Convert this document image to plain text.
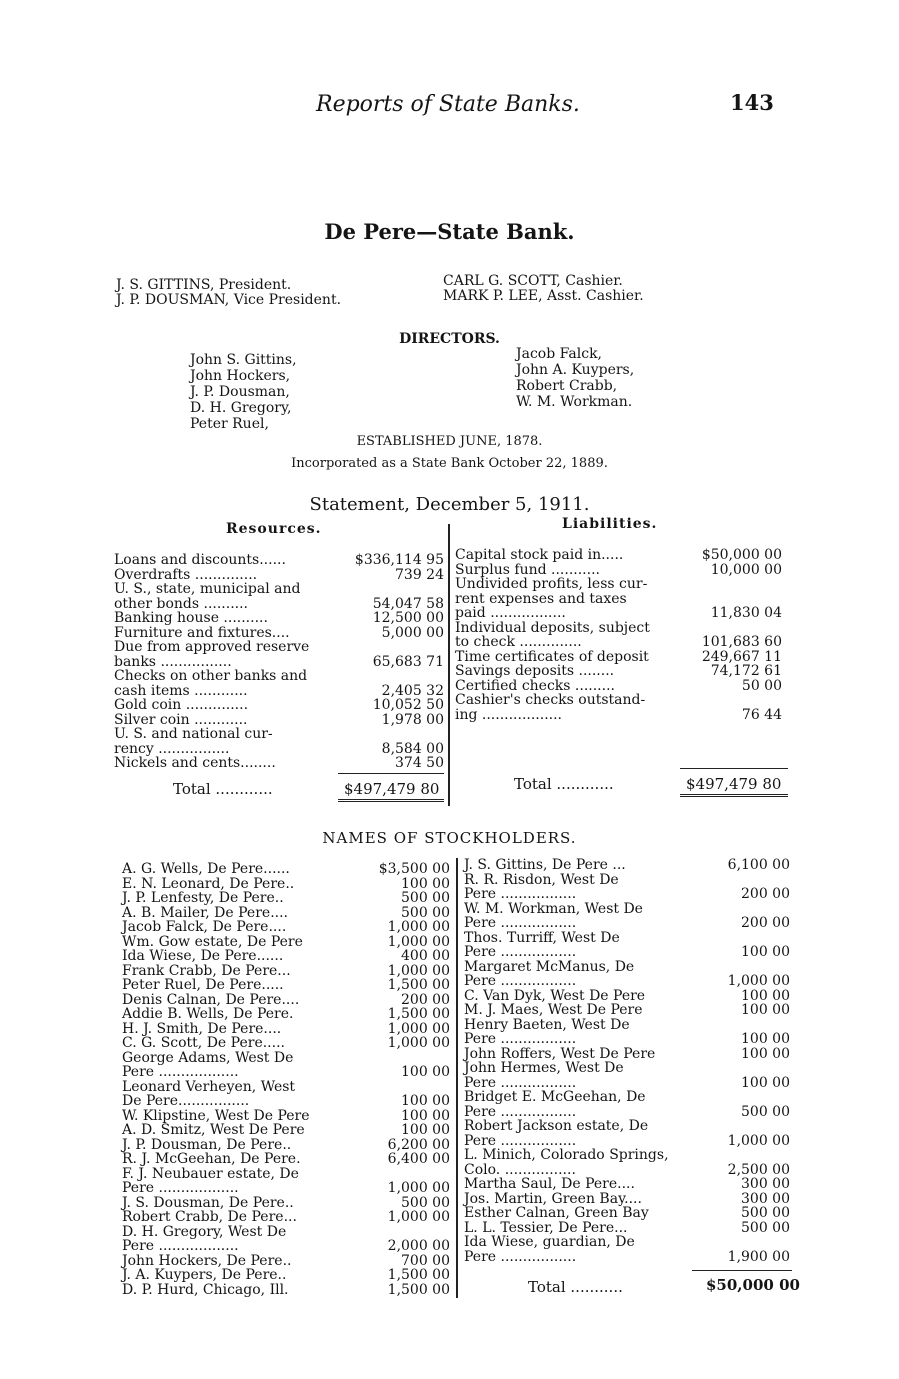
Reports of State Banks.	143
De Pere—State Bank.
J. S. GITTINS, President.
J. P. DOUSMAN, Vice President.
CARL G. SCOTT, Cashier.
MARK P. LEE, Asst. Cashier.
DIRECTORS.
John S. Gittins,
John Hockers,
J. P. Dousman,
D. H. Gregory,
Peter Ruel,
Jacob Falck,
John A. Kuypers,
Robert Crabb,
W. M. Workman.
ESTABLISHED JUNE, 1878.
Incorporated as a State Bank October 22, 1889.
Statement, December 5, 1911.
Resources.	Liabilities.
Loans and discounts......	$336,114 95
Overdrafts ..............	739 24
U. S., state, municipal and
other bonds ..........	54,047 58
Banking house ..........	12,500 00
Furniture and fixtures....	5,000 00
Due from approved reserve
banks ................	65,683 71
Checks on other banks and
cash items ............	2,405 32
Gold coin ..............	10,052 50
Silver coin ............	1,978 00
U. S. and national cur-
rency ................	8,584 00
Nickels and cents........	374 50
Total ............	$497,479 80
Capital stock paid in.....	$50,000 00
Surplus fund ...........	10,000 00
Undivided profits, less cur-
rent expenses and taxes
paid .................	11,830 04
Individual deposits, subject
to check ..............	101,683 60
Time certificates of deposit	249,667 11
Savings deposits ........	74,172 61
Certified checks .........	50 00
Cashier's checks outstand-
ing ..................	76 44
Total ............	$497,479 80
NAMES OF STOCKHOLDERS.
A. G. Wells, De Pere......	$3,500 00
E. N. Leonard, De Pere..	100 00
J. P. Lenfesty, De Pere..	500 00
A. B. Mailer, De Pere....	500 00
Jacob Falck, De Pere....	1,000 00
Wm. Gow estate, De Pere	1,000 00
Ida Wiese, De Pere......	400 00
Frank Crabb, De Pere...	1,000 00
Peter Ruel, De Pere.....	1,500 00
Denis Calnan, De Pere....	200 00
Addie B. Wells, De Pere.	1,500 00
H. J. Smith, De Pere....	1,000 00
C. G. Scott, De Pere.....	1,000 00
George Adams, West De
Pere ..................	100 00
Leonard Verheyen, West
De Pere................	100 00
W. Klipstine, West De Pere	100 00
A. D. Smitz, West De Pere	100 00
J. P. Dousman, De Pere..	6,200 00
R. J. McGeehan, De Pere.	6,400 00
F. J. Neubauer estate, De
Pere ..................	1,000 00
J. S. Dousman, De Pere..	500 00
Robert Crabb, De Pere...	1,000 00
D. H. Gregory, West De
Pere ..................	2,000 00
John Hockers, De Pere..	700 00
J. A. Kuypers, De Pere..	1,500 00
D. P. Hurd, Chicago, Ill.	1,500 00
J. S. Gittins, De Pere ...	6,100 00
R. R. Risdon, West De
Pere .................	200 00
W. M. Workman, West De
Pere .................	200 00
Thos. Turriff, West De
Pere .................	100 00
Margaret McManus, De
Pere .................	1,000 00
C. Van Dyk, West De Pere	100 00
M. J. Maes, West De Pere	100 00
Henry Baeten, West De
Pere .................	100 00
John Roffers, West De Pere	100 00
John Hermes, West De
Pere .................	100 00
Bridget E. McGeehan, De
Pere .................	500 00
Robert Jackson estate, De
Pere .................	1,000 00
L. Minich, Colorado Springs,
Colo. ................	2,500 00
Martha Saul, De Pere....	300 00
Jos. Martin, Green Bay....	300 00
Esther Calnan, Green Bay	500 00
L. L. Tessier, De Pere...	500 00
Ida Wiese, guardian, De
Pere .................	1,900 00
Total ...........	$50,000 00
